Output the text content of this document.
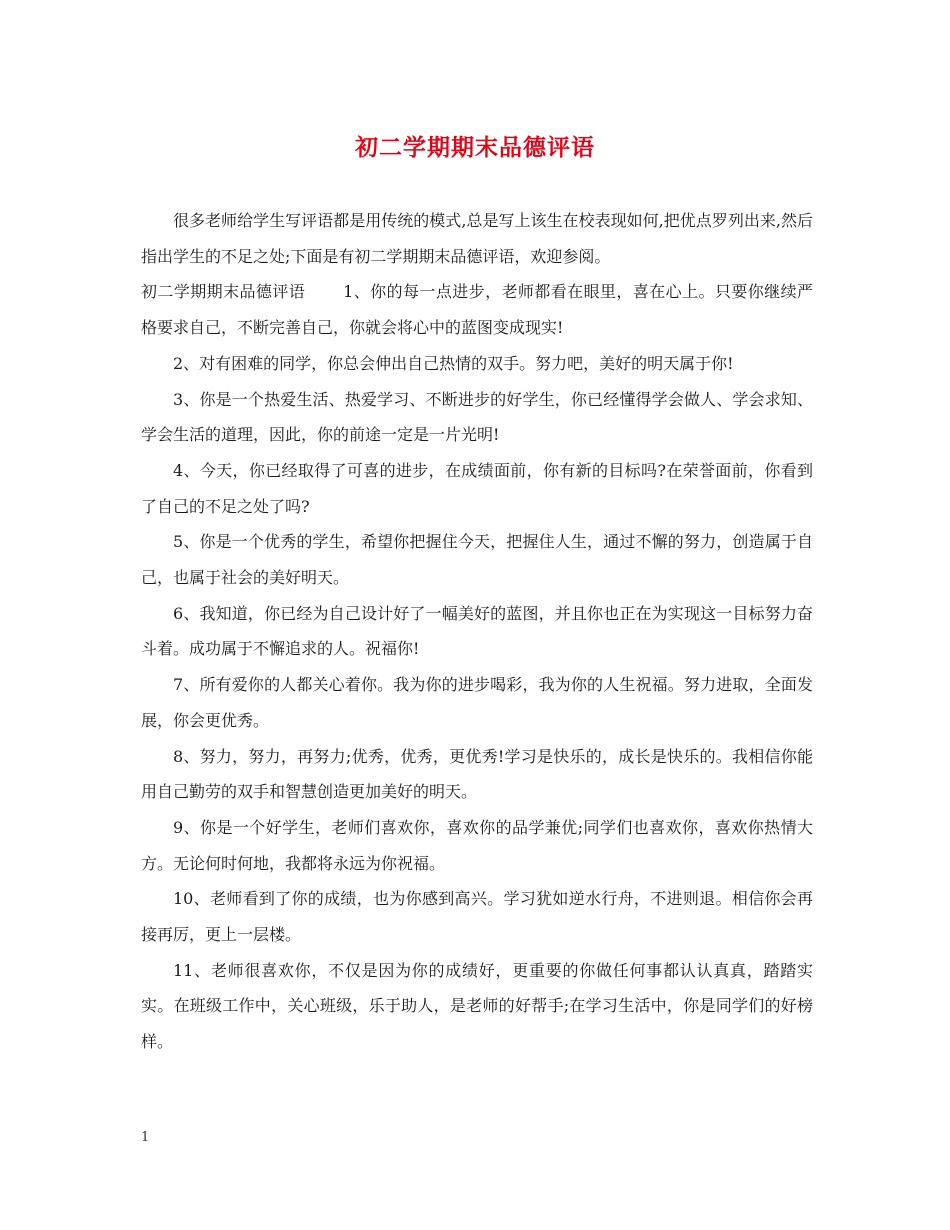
初二学期期末品德评语

很多老师给学生写评语都是用传统的模式,总是写上该生在校表现如何,把优点罗列出来,然后指出学生的不足之处;下面是有初二学期期末品德评语，欢迎参阅。

初二学期期末品德评语 1、你的每一点进步，老师都看在眼里，喜在心上。只要你继续严格要求自己，不断完善自己，你就会将心中的蓝图变成现实!

2、对有困难的同学，你总会伸出自己热情的双手。努力吧，美好的明天属于你!

3、你是一个热爱生活、热爱学习、不断进步的好学生，你已经懂得学会做人、学会求知、学会生活的道理，因此，你的前途一定是一片光明!

4、今天，你已经取得了可喜的进步，在成绩面前，你有新的目标吗?在荣誉面前，你看到了自己的不足之处了吗?

5、你是一个优秀的学生，希望你把握住今天，把握住人生，通过不懈的努力，创造属于自己，也属于社会的美好明天。

6、我知道，你已经为自己设计好了一幅美好的蓝图，并且你也正在为实现这一目标努力奋斗着。成功属于不懈追求的人。祝福你!

7、所有爱你的人都关心着你。我为你的进步喝彩，我为你的人生祝福。努力进取，全面发展，你会更优秀。

8、努力，努力，再努力;优秀，优秀，更优秀!学习是快乐的，成长是快乐的。我相信你能用自己勤劳的双手和智慧创造更加美好的明天。

9、你是一个好学生，老师们喜欢你，喜欢你的品学兼优;同学们也喜欢你，喜欢你热情大方。无论何时何地，我都将永远为你祝福。

10、老师看到了你的成绩，也为你感到高兴。学习犹如逆水行舟，不进则退。相信你会再接再厉，更上一层楼。

11、老师很喜欢你，不仅是因为你的成绩好，更重要的你做任何事都认认真真，踏踏实实。在班级工作中，关心班级，乐于助人，是老师的好帮手;在学习生活中，你是同学们的好榜样。

1
